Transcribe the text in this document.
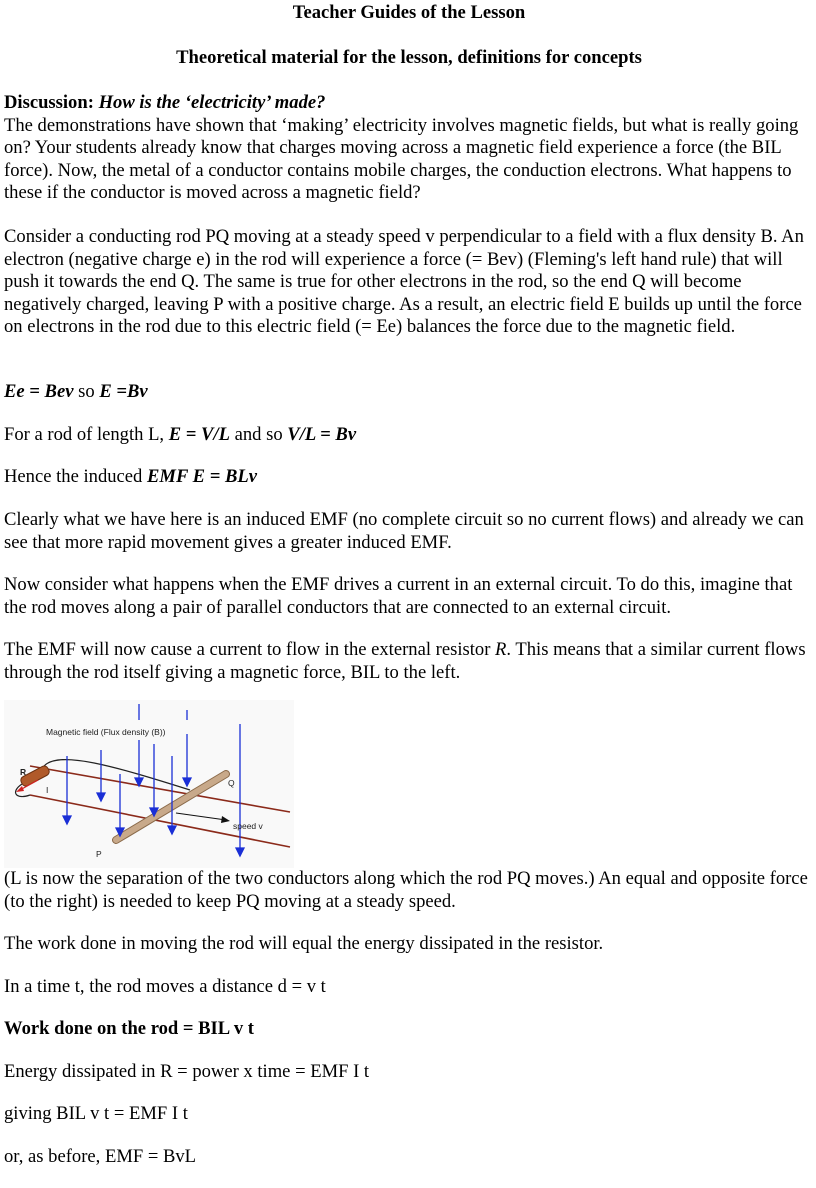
Teacher Guides of the Lesson
Theoretical material for the lesson, definitions for concepts

Discussion: How is the ‘electricity’ made?
The demonstrations have shown that ‘making’ electricity involves magnetic fields, but what is really going on? Your students already know that charges moving across a magnetic field experience a force (the BIL force). Now, the metal of a conductor contains mobile charges, the conduction electrons. What happens to these if the conductor is moved across a magnetic field?

Consider a conducting rod PQ moving at a steady speed v perpendicular to a field with a flux density B. An electron (negative charge e) in the rod will experience a force (= Bev) (Fleming's left hand rule) that will push it towards the end Q. The same is true for other electrons in the rod, so the end Q will become negatively charged, leaving P with a positive charge. As a result, an electric field E builds up until the force on electrons in the rod due to this electric field (= Ee) balances the force due to the magnetic field.

Ee = Bev so E =Bv

For a rod of length L, E = V/L and so V/L = Bv

Hence the induced EMF E = BLv

Clearly what we have here is an induced EMF (no complete circuit so no current flows) and already we can see that more rapid movement gives a greater induced EMF.

Now consider what happens when the EMF drives a current in an external circuit. To do this, imagine that the rod moves along a pair of parallel conductors that are connected to an external circuit.

The EMF will now cause a current to flow in the external resistor R. This means that a similar current flows through the rod itself giving a magnetic force, BIL to the left.

(L is now the separation of the two conductors along which the rod PQ moves.) An equal and opposite force (to the right) is needed to keep PQ moving at a steady speed.

The work done in moving the rod will equal the energy dissipated in the resistor.

In a time t, the rod moves a distance d = v t

Work done on the rod = BIL v t

Energy dissipated in R = power x time = EMF I t

giving BIL v t = EMF I t

or, as before, EMF = BvL

Magnetic field (Flux density (B))
R
I
Q
P
speed v
